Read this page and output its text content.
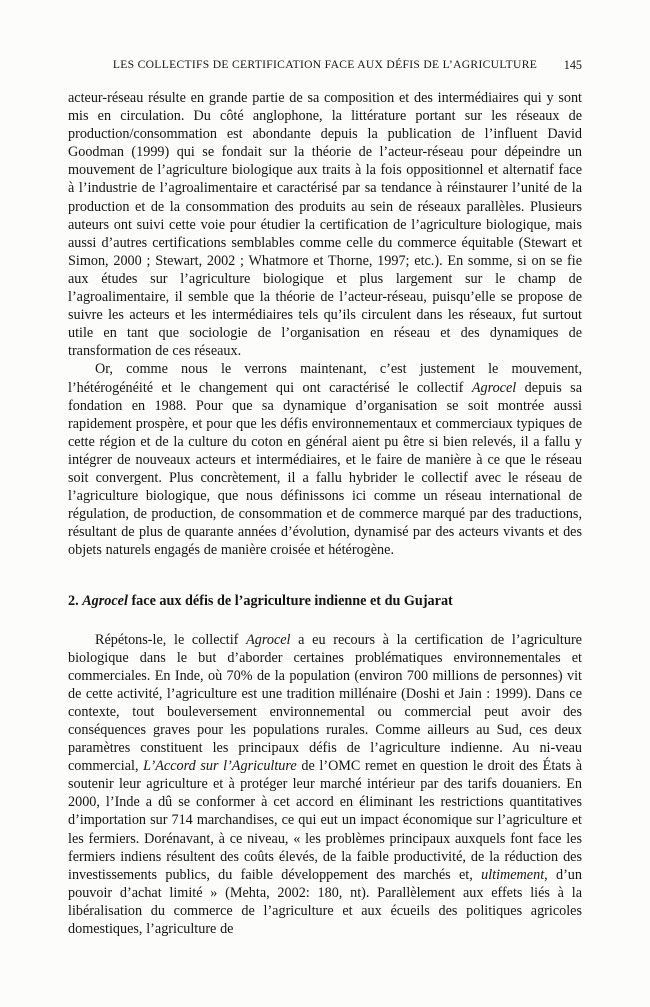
LES COLLECTIFS DE CERTIFICATION FACE AUX DÉFIS DE L’AGRICULTURE 145

acteur-réseau résulte en grande partie de sa composition et des intermédiaires qui y sont mis en circulation. Du côté anglophone, la littérature portant sur les réseaux de production/consommation est abondante depuis la publication de l’influent David Goodman (1999) qui se fondait sur la théorie de l’acteur-réseau pour dépeindre un mouvement de l’agriculture biologique aux traits à la fois oppositionnel et alternatif face à l’industrie de l’agroalimentaire et caractérisé par sa tendance à réinstaurer l’unité de la production et de la consommation des produits au sein de réseaux parallèles. Plusieurs auteurs ont suivi cette voie pour étudier la certification de l’agriculture biologique, mais aussi d’autres certifications semblables comme celle du commerce équitable (Stewart et Simon, 2000 ; Stewart, 2002 ; Whatmore et Thorne, 1997; etc.). En somme, si on se fie aux études sur l’agriculture biologique et plus largement sur le champ de l’agroalimentaire, il semble que la théorie de l’acteur-réseau, puisqu’elle se propose de suivre les acteurs et les intermédiaires tels qu’ils circulent dans les réseaux, fut surtout utile en tant que sociologie de l’organisation en réseau et des dynamiques de transformation de ces réseaux.

Or, comme nous le verrons maintenant, c’est justement le mouvement, l’hétérogénéité et le changement qui ont caractérisé le collectif Agrocel depuis sa fondation en 1988. Pour que sa dynamique d’organisation se soit montrée aussi rapidement prospère, et pour que les défis environnementaux et commerciaux typiques de cette région et de la culture du coton en général aient pu être si bien relevés, il a fallu y intégrer de nouveaux acteurs et intermédiaires, et le faire de manière à ce que le réseau soit convergent. Plus concrètement, il a fallu hybrider le collectif avec le réseau de l’agriculture biologique, que nous définissons ici comme un réseau international de régulation, de production, de consommation et de commerce marqué par des traductions, résultant de plus de quarante années d’évolution, dynamisé par des acteurs vivants et des objets naturels engagés de manière croisée et hétérogène.

2. Agrocel face aux défis de l’agriculture indienne et du Gujarat

Répétons-le, le collectif Agrocel a eu recours à la certification de l’agriculture biologique dans le but d’aborder certaines problématiques environnementales et commerciales. En Inde, où 70% de la population (environ 700 millions de personnes) vit de cette activité, l’agriculture est une tradition millénaire (Doshi et Jain : 1999). Dans ce contexte, tout bouleversement environnemental ou commercial peut avoir des conséquences graves pour les populations rurales. Comme ailleurs au Sud, ces deux paramètres constituent les principaux défis de l’agriculture indienne. Au ni-veau commercial, L’Accord sur l’Agriculture de l’OMC remet en question le droit des États à soutenir leur agriculture et à protéger leur marché intérieur par des tarifs douaniers. En 2000, l’Inde a dû se conformer à cet accord en éliminant les restrictions quantitatives d’importation sur 714 marchandises, ce qui eut un impact économique sur l’agriculture et les fermiers. Dorénavant, à ce niveau, « les problèmes principaux auxquels font face les fermiers indiens résultent des coûts élevés, de la faible productivité, de la réduction des investissements publics, du faible développement des marchés et, ultimement, d’un pouvoir d’achat limité » (Mehta, 2002: 180, nt). Parallèlement aux effets liés à la libéralisation du commerce de l’agriculture et aux écueils des politiques agricoles domestiques, l’agriculture de
